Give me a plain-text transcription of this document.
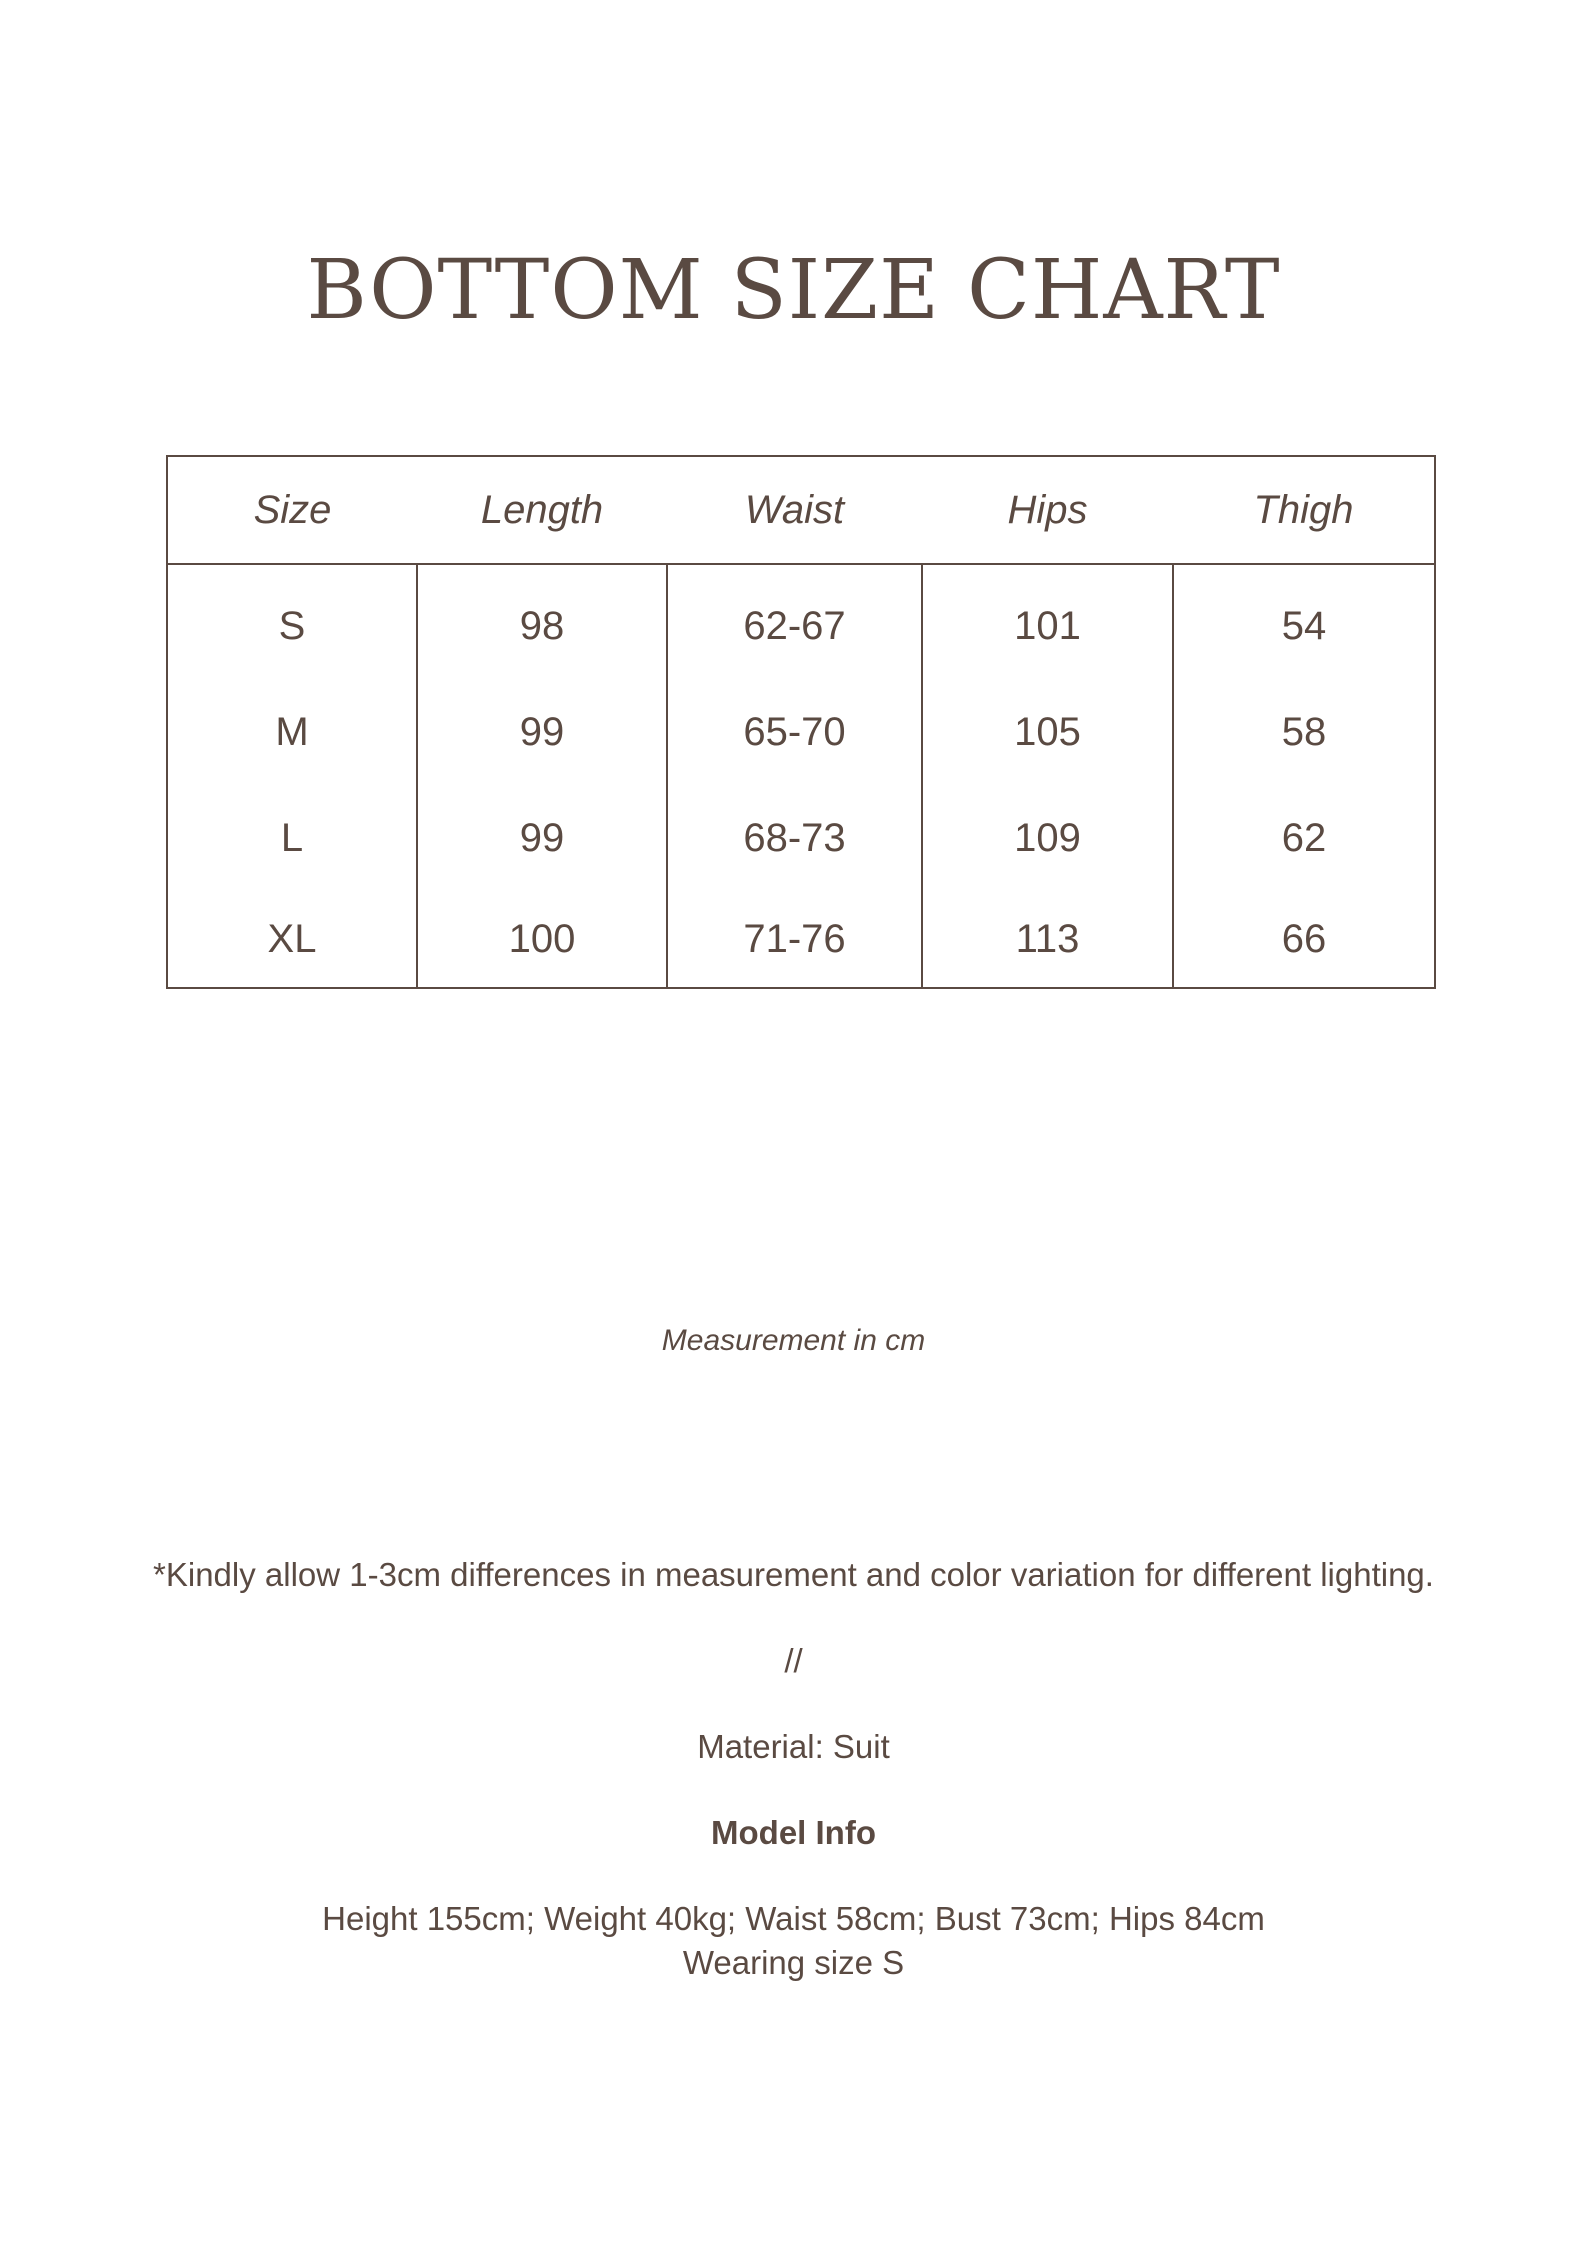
BOTTOM SIZE CHART
Size	Length	Waist	Hips	Thigh
S	98	62-67	101	54
M	99	65-70	105	58
L	99	68-73	109	62
XL	100	71-76	113	66
Measurement in cm
*Kindly allow 1-3cm differences in measurement and color variation for different lighting.
//
Material: Suit
Model Info
Height 155cm; Weight 40kg; Waist 58cm; Bust 73cm; Hips 84cm
Wearing size S
